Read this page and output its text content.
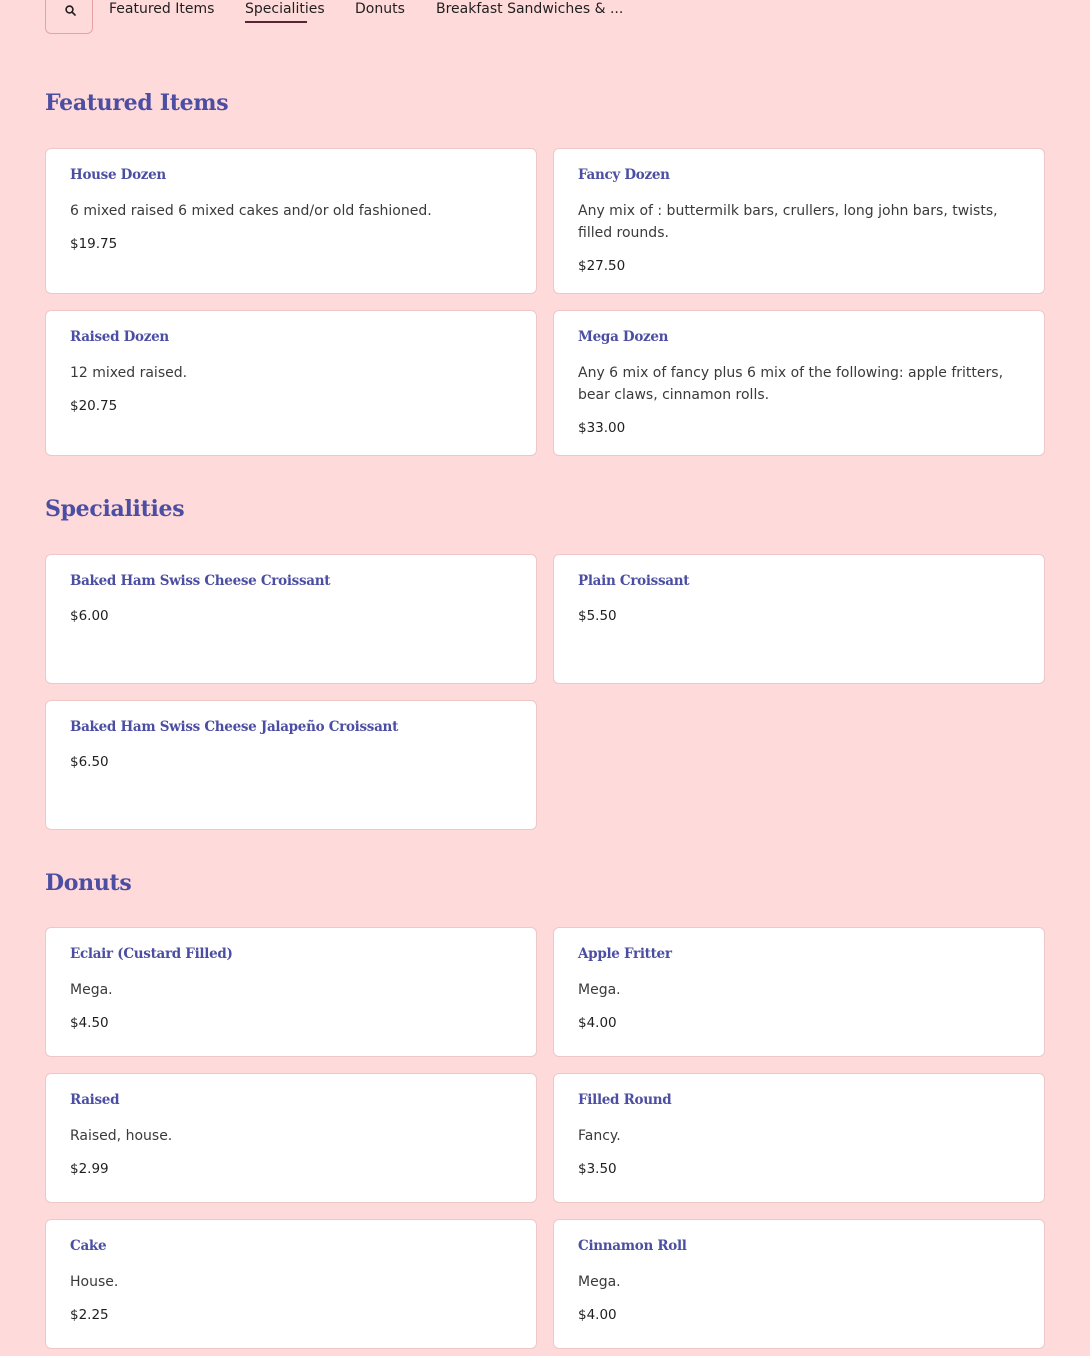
Featured Items Specialities Donuts Breakfast Sandwiches & ...
Featured Items
House Dozen
6 mixed raised 6 mixed cakes and/or old fashioned.
$19.75
Fancy Dozen
Any mix of : buttermilk bars, crullers, long john bars, twists, filled rounds.
$27.50
Raised Dozen
12 mixed raised.
$20.75
Mega Dozen
Any 6 mix of fancy plus 6 mix of the following: apple fritters, bear claws, cinnamon rolls.
$33.00
Specialities
Baked Ham Swiss Cheese Croissant
$6.00
Plain Croissant
$5.50
Baked Ham Swiss Cheese Jalapeño Croissant
$6.50
Donuts
Eclair (Custard Filled)
Mega.
$4.50
Apple Fritter
Mega.
$4.00
Raised
Raised, house.
$2.99
Filled Round
Fancy.
$3.50
Cake
House.
$2.25
Cinnamon Roll
Mega.
$4.00
